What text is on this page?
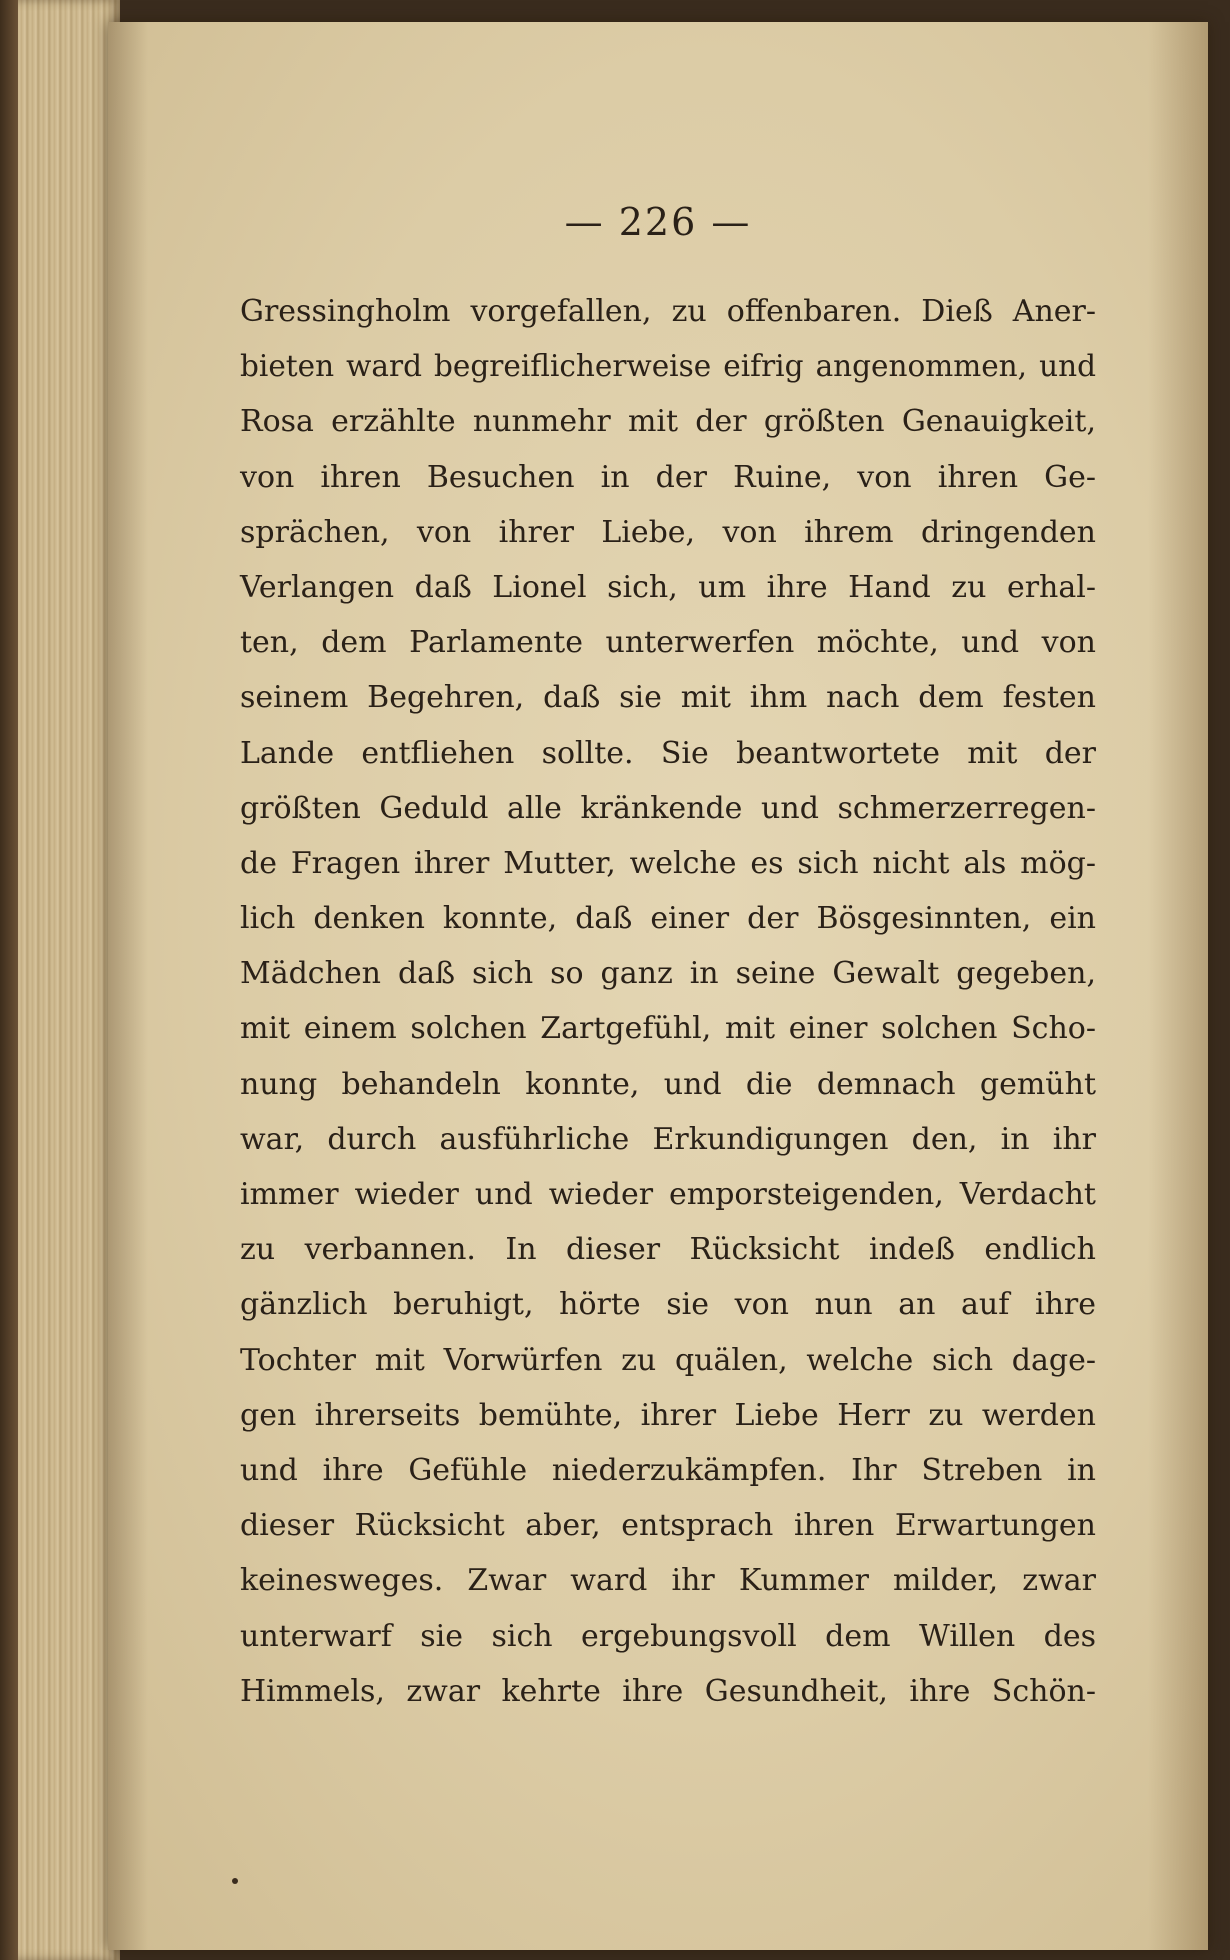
— 226 —
Gressingholm vorgefallen, zu offenbaren. Dieß Aner-
bieten ward begreiflicherweise eifrig angenommen, und
Rosa erzählte nunmehr mit der größten Genauigkeit,
von ihren Besuchen in der Ruine, von ihren Ge-
sprächen, von ihrer Liebe, von ihrem dringenden
Verlangen daß Lionel sich, um ihre Hand zu erhal-
ten, dem Parlamente unterwerfen möchte, und von
seinem Begehren, daß sie mit ihm nach dem festen
Lande entfliehen sollte. Sie beantwortete mit der
größten Geduld alle kränkende und schmerzerregen-
de Fragen ihrer Mutter, welche es sich nicht als mög-
lich denken konnte, daß einer der Bösgesinnten, ein
Mädchen daß sich so ganz in seine Gewalt gegeben,
mit einem solchen Zartgefühl, mit einer solchen Scho-
nung behandeln konnte, und die demnach gemüht
war, durch ausführliche Erkundigungen den, in ihr
immer wieder und wieder emporsteigenden, Verdacht
zu verbannen. In dieser Rücksicht indeß endlich
gänzlich beruhigt, hörte sie von nun an auf ihre
Tochter mit Vorwürfen zu quälen, welche sich dage-
gen ihrerseits bemühte, ihrer Liebe Herr zu werden
und ihre Gefühle niederzukämpfen. Ihr Streben in
dieser Rücksicht aber, entsprach ihren Erwartungen
keinesweges. Zwar ward ihr Kummer milder, zwar
unterwarf sie sich ergebungsvoll dem Willen des
Himmels, zwar kehrte ihre Gesundheit, ihre Schön-
